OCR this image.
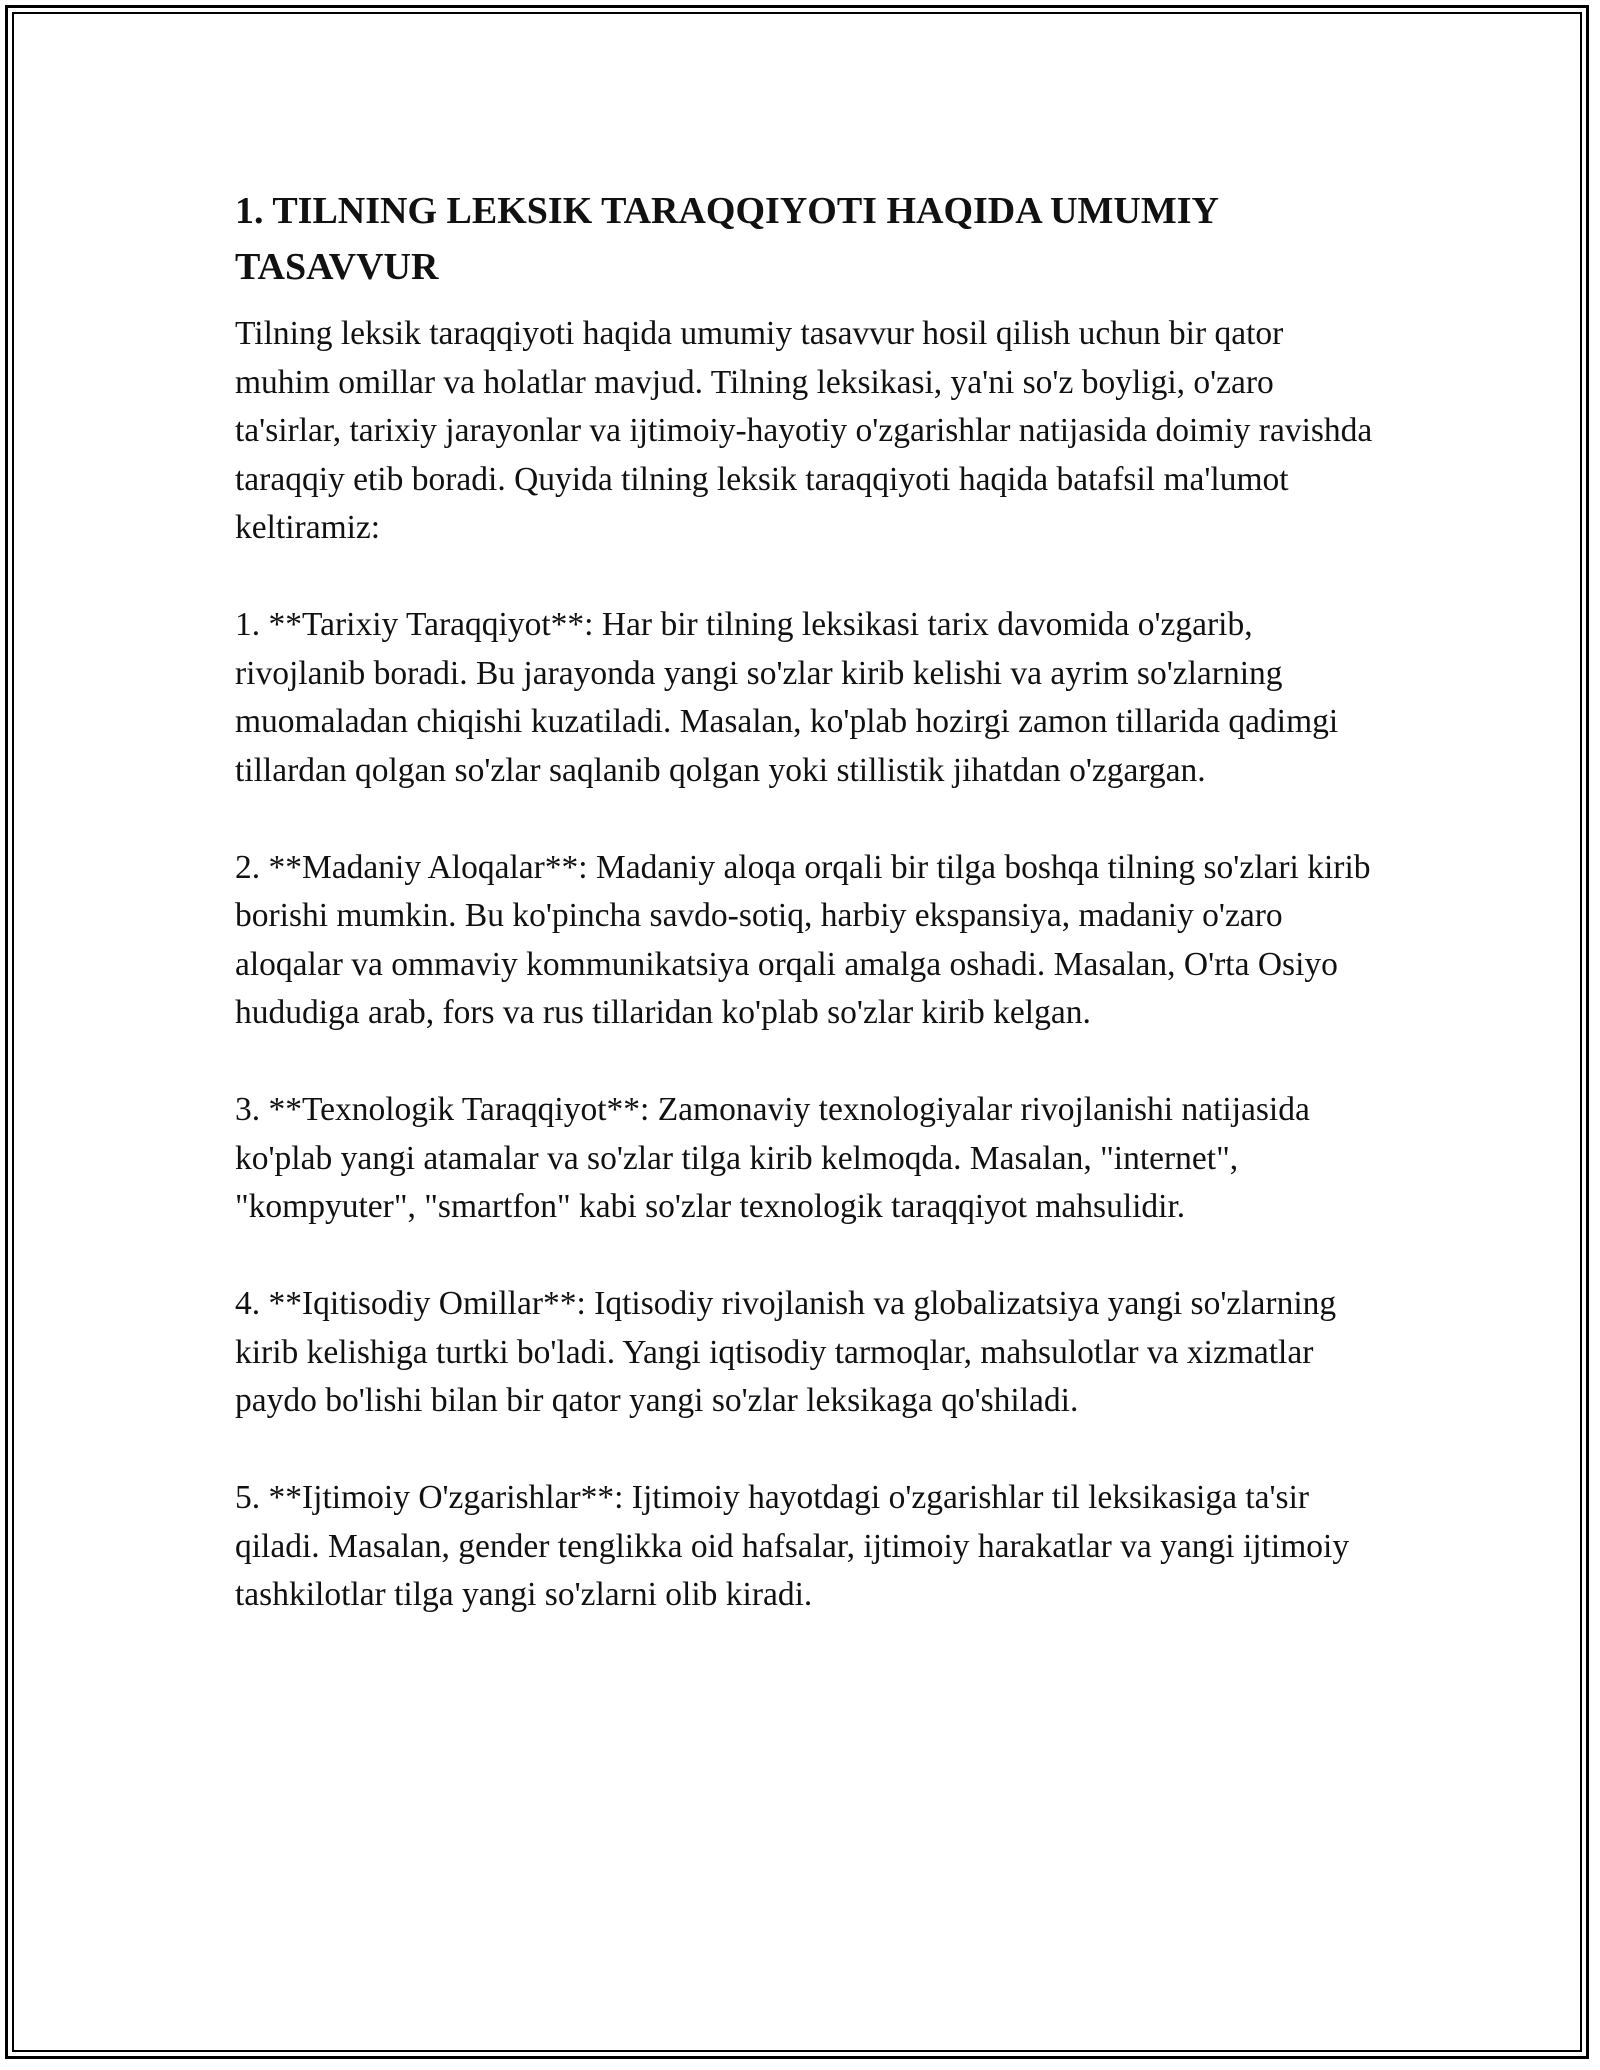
1. TILNING LEKSIK TARAQQIYOTI HAQIDA UMUMIY TASAVVUR

Tilning leksik taraqqiyoti haqida umumiy tasavvur hosil qilish uchun bir qator muhim omillar va holatlar mavjud. Tilning leksikasi, ya'ni so'z boyligi, o'zaro ta'sirlar, tarixiy jarayonlar va ijtimoiy-hayotiy o'zgarishlar natijasida doimiy ravishda taraqqiy etib boradi. Quyida tilning leksik taraqqiyoti haqida batafsil ma'lumot keltiramiz:

1. **Tarixiy Taraqqiyot**: Har bir tilning leksikasi tarix davomida o'zgarib, rivojlanib boradi. Bu jarayonda yangi so'zlar kirib kelishi va ayrim so'zlarning muomaladan chiqishi kuzatiladi. Masalan, ko'plab hozirgi zamon tillarida qadimgi tillardan qolgan so'zlar saqlanib qolgan yoki stillistik jihatdan o'zgargan.

2. **Madaniy Aloqalar**: Madaniy aloqa orqali bir tilga boshqa tilning so'zlari kirib borishi mumkin. Bu ko'pincha savdo-sotiq, harbiy ekspansiya, madaniy o'zaro aloqalar va ommaviy kommunikatsiya orqali amalga oshadi. Masalan, O'rta Osiyo hududiga arab, fors va rus tillaridan ko'plab so'zlar kirib kelgan.

3. **Texnologik Taraqqiyot**: Zamonaviy texnologiyalar rivojlanishi natijasida ko'plab yangi atamalar va so'zlar tilga kirib kelmoqda. Masalan, "internet", "kompyuter", "smartfon" kabi so'zlar texnologik taraqqiyot mahsulidir.

4. **Iqitisodiy Omillar**: Iqtisodiy rivojlanish va globalizatsiya yangi so'zlarning kirib kelishiga turtki bo'ladi. Yangi iqtisodiy tarmoqlar, mahsulotlar va xizmatlar paydo bo'lishi bilan bir qator yangi so'zlar leksikaga qo'shiladi.

5. **Ijtimoiy O'zgarishlar**: Ijtimoiy hayotdagi o'zgarishlar til leksikasiga ta'sir qiladi. Masalan, gender tenglikka oid hafsalar, ijtimoiy harakatlar va yangi ijtimoiy tashkilotlar tilga yangi so'zlarni olib kiradi.
